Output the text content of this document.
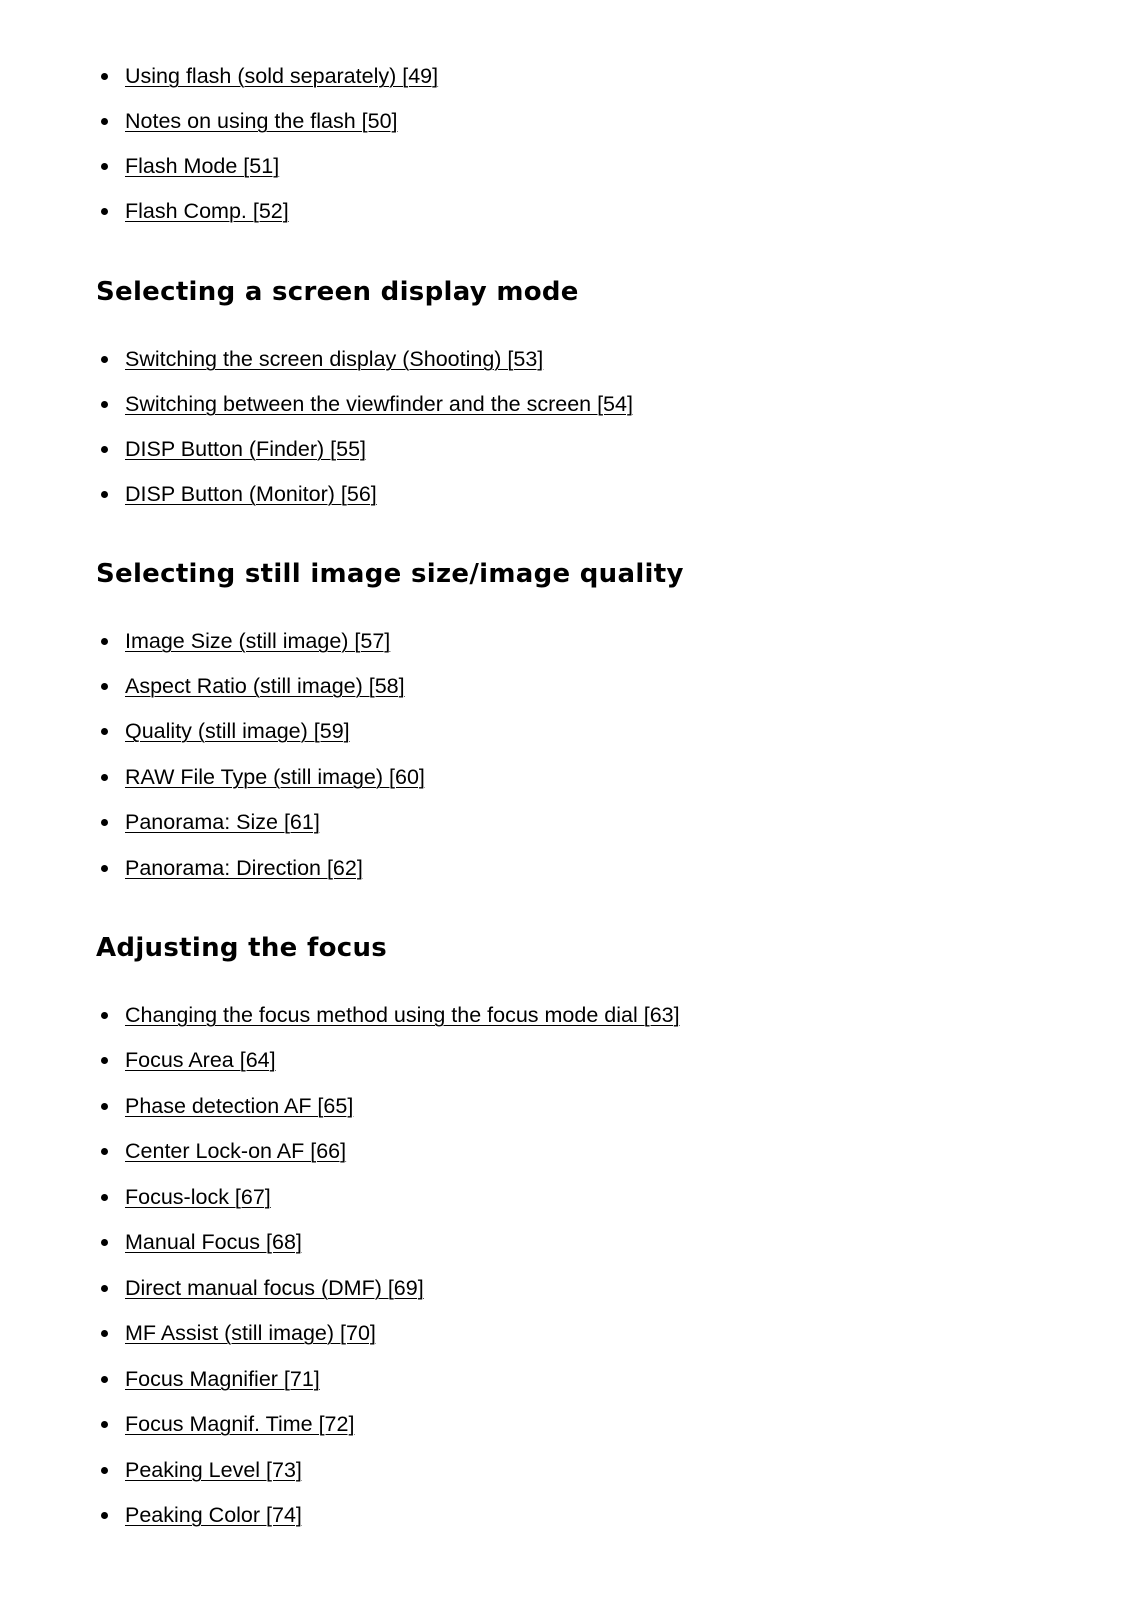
Using flash (sold separately) [49]
Notes on using the flash [50]
Flash Mode [51]
Flash Comp. [52]
Selecting a screen display mode
Switching the screen display (Shooting) [53]
Switching between the viewfinder and the screen [54]
DISP Button (Finder) [55]
DISP Button (Monitor) [56]
Selecting still image size/image quality
Image Size (still image) [57]
Aspect Ratio (still image) [58]
Quality (still image) [59]
RAW File Type (still image) [60]
Panorama: Size [61]
Panorama: Direction [62]
Adjusting the focus
Changing the focus method using the focus mode dial [63]
Focus Area [64]
Phase detection AF [65]
Center Lock-on AF [66]
Focus-lock [67]
Manual Focus [68]
Direct manual focus (DMF) [69]
MF Assist (still image) [70]
Focus Magnifier [71]
Focus Magnif. Time [72]
Peaking Level [73]
Peaking Color [74]
